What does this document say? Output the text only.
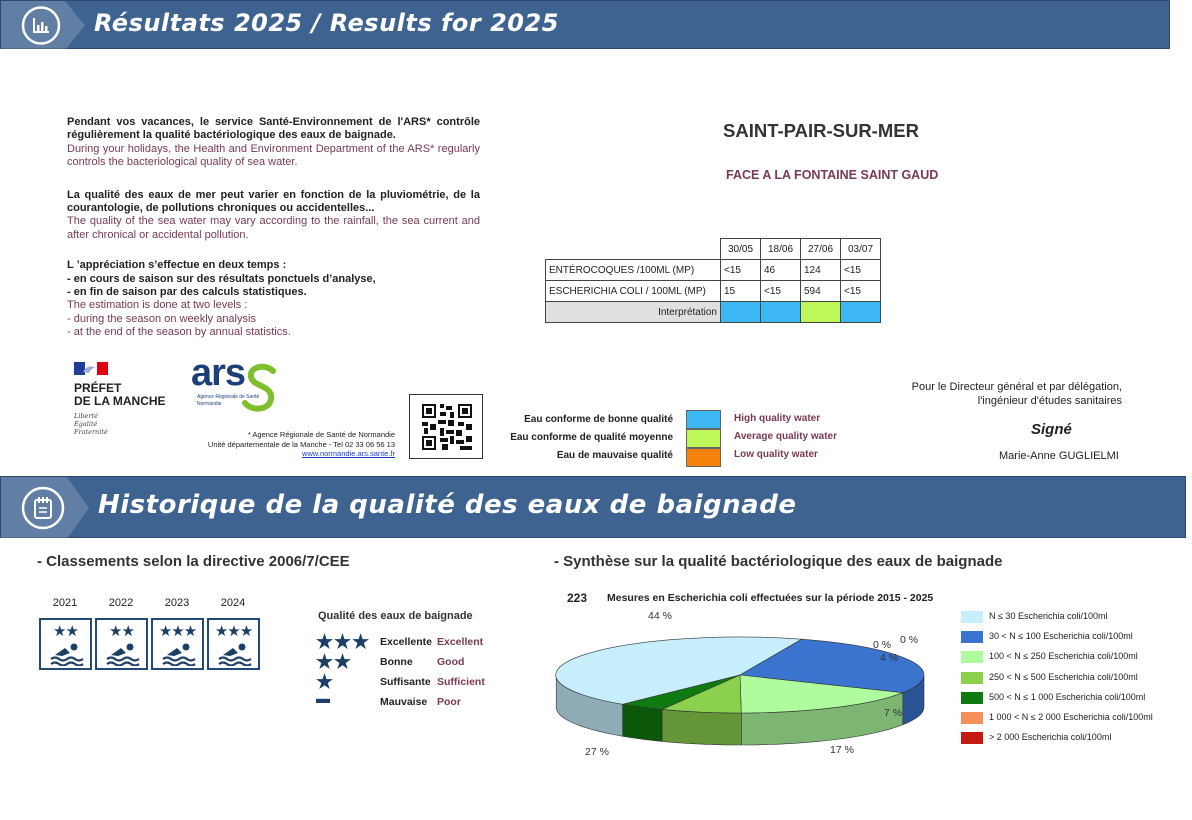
Résultats 2025 / Results for 2025
Pendant vos vacances, le service Santé-Environnement de l'ARS* contrôle régulièrement la qualité bactériologique des eaux de baignade.
During your holidays, the Health and Environment Department of the ARS* regularly controls the bacteriological quality of sea water.
La qualité des eaux de mer peut varier en fonction de la pluviométrie, de la courantologie, de pollutions chroniques ou accidentelles...
The quality of the sea water may vary according to the rainfall, the sea current and after chronical or accidental pollution.
L ’appréciation s’effectue en deux temps :
- en cours de saison sur des résultats ponctuels d’analyse,
- en fin de saison par des calculs statistiques.
The estimation is done at two levels :
- during the season on weekly analysis
- at the end of the season by annual statistics.
SAINT-PAIR-SUR-MER
FACE A LA FONTAINE SAINT GAUD
	30/05	18/06	27/06	03/07
ENTÉROCOQUES /100ML (MP)	<15	46	124	<15
ESCHERICHIA COLI / 100ML (MP)	15	<15	594	<15
Interprétation				
PRÉFET
DE LA MANCHE
Liberté
Égalité
Fraternité
ars
Agence Régionale de Santé
Normandie
* Agence Régionale de Santé de Normandie
Unité départementale de la Manche - Tel 02 33 06 56 13
www.normandie.ars.sante.fr
Eau conforme de bonne qualité	High quality water
Eau conforme de qualité moyenne	Average quality water
Eau de mauvaise qualité	Low quality water
Pour le Directeur général et par délégation,
l'ingénieur d'études sanitaires
Signé
Marie-Anne GUGLIELMI
Historique de la qualité des eaux de baignade
- Classements selon la directive 2006/7/CEE
2021	2022	2023	2024
★★	★★	★★★	★★★
Qualité des eaux de baignade
★★★ Excellente Excellent
★★	Bonne Good
★	Suffisante Sufficient
▬	Mauvaise Poor
- Synthèse sur la qualité bactériologique des eaux de baignade
223 Mesures en Escherichia coli effectuées sur la période 2015 - 2025
44 %
27 %	17 %
7 %
4 %
0 % 0 %
N ≤ 30 Escherichia coli/100ml
30 < N ≤ 100 Escherichia coli/100ml
100 < N ≤ 250 Escherichia coli/100ml
250 < N ≤ 500 Escherichia coli/100ml
500 < N ≤ 1 000 Escherichia coli/100ml
1 000 < N ≤ 2 000 Escherichia coli/100ml
> 2 000 Escherichia coli/100ml
